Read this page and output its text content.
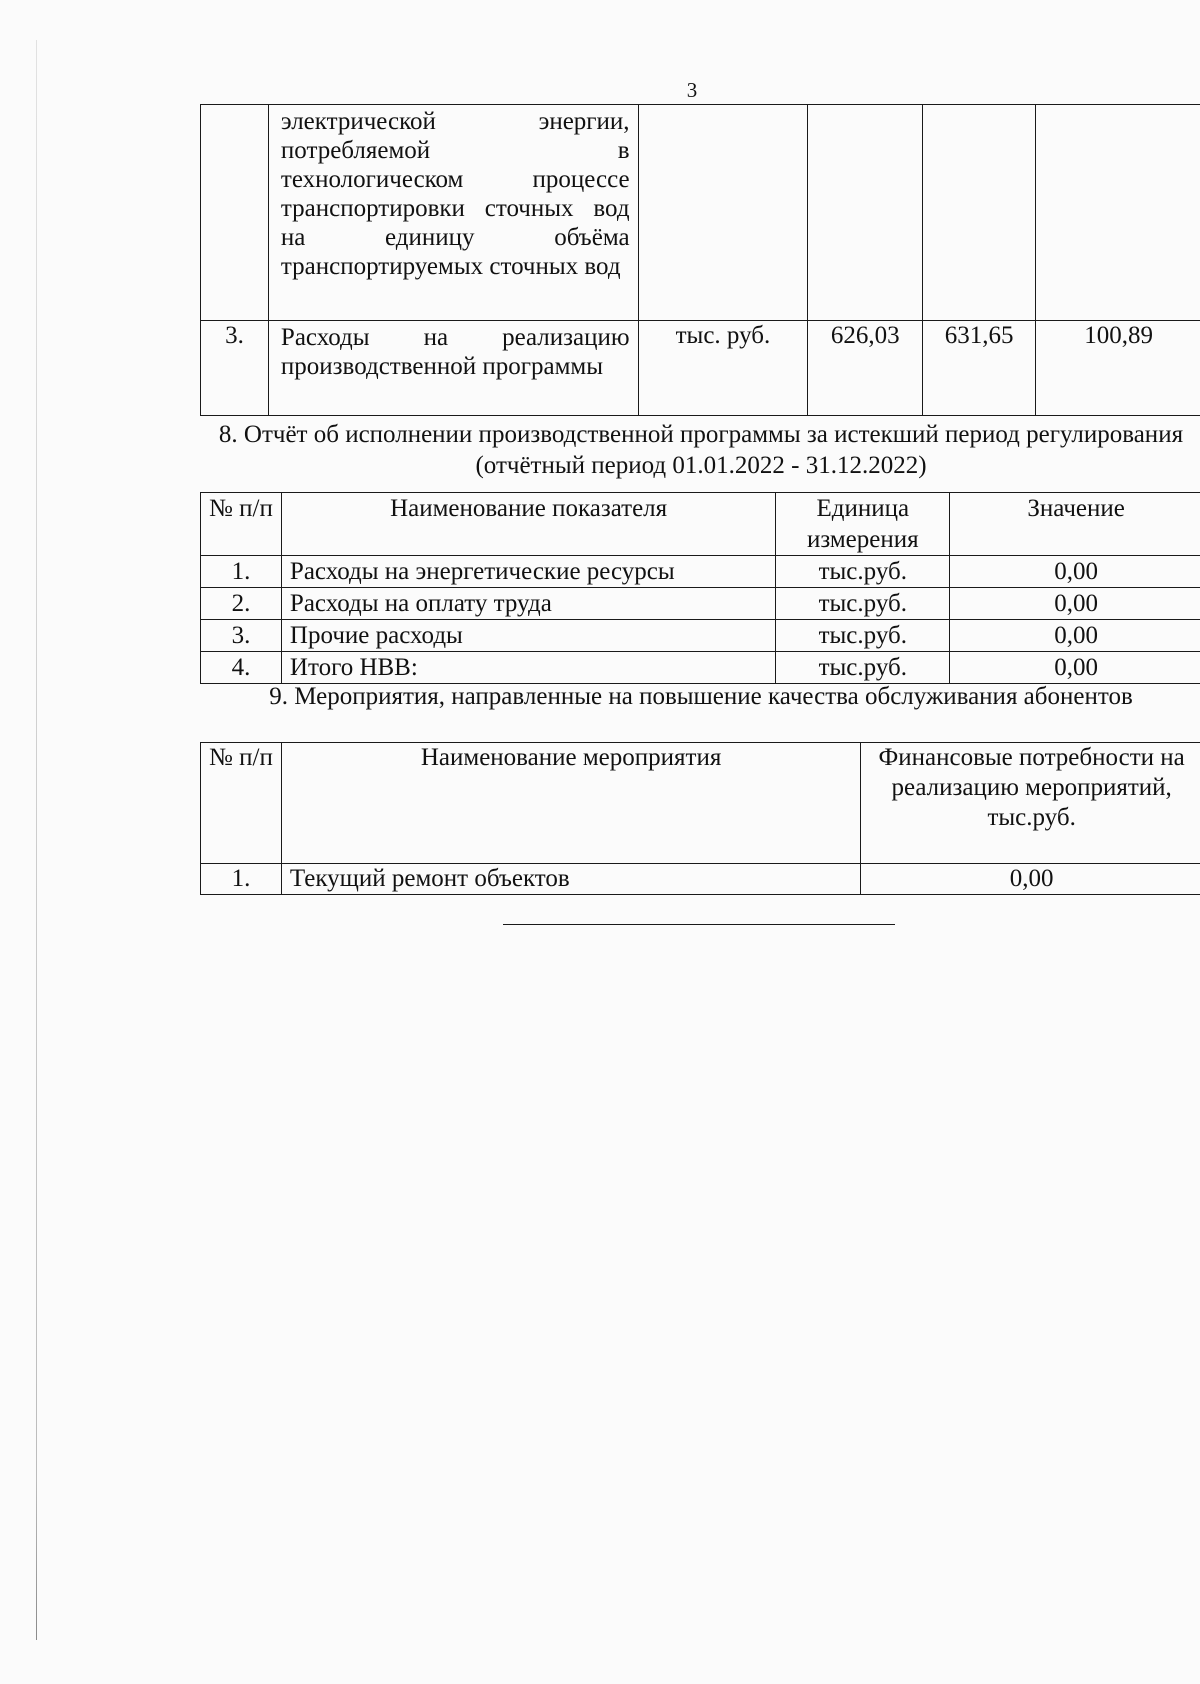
3
	электрической энергии, потребляемой в технологическом процессе транспортировки сточных вод на единицу объёма транспортируемых сточных вод				
3.	Расходы на реализацию производственной программы	тыс. руб.	626,03	631,65	100,89
8. Отчёт об исполнении производственной программы за истекший период регулирования (отчётный период 01.01.2022 - 31.12.2022)
№ п/п	Наименование показателя	Единица измерения	Значение
1.	Расходы на энергетические ресурсы	тыс.руб.	0,00
2.	Расходы на оплату труда	тыс.руб.	0,00
3.	Прочие расходы	тыс.руб.	0,00
4.	Итого НВВ:	тыс.руб.	0,00
9. Мероприятия, направленные на повышение качества обслуживания абонентов
№ п/п	Наименование мероприятия	Финансовые потребности на реализацию мероприятий, тыс.руб.
1.	Текущий ремонт объектов	0,00
